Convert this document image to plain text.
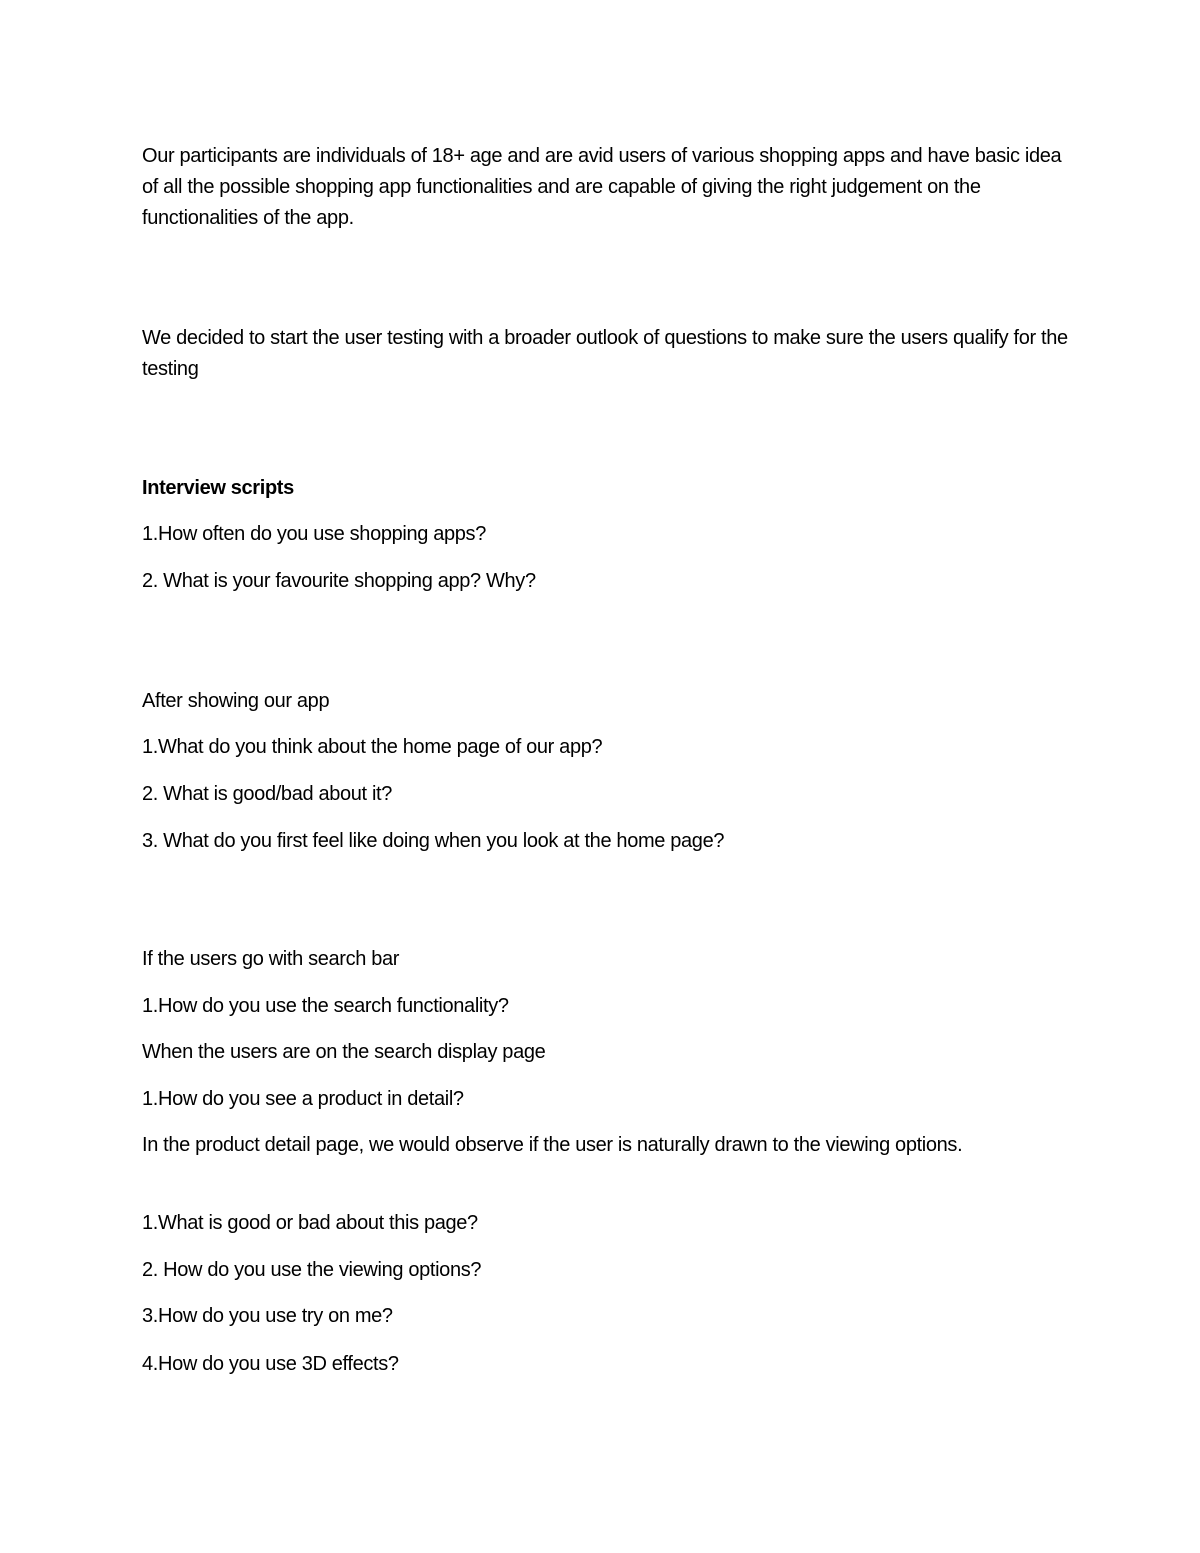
Our participants are individuals of 18+ age and are avid users of various shopping apps and have basic idea of all the possible shopping app functionalities and are capable of giving the right judgement on the functionalities of the app.
We decided to start the user testing with a broader outlook of questions to make sure the users qualify for the testing
Interview scripts
1.How often do you use shopping apps?
2. What is your favourite shopping app? Why?
After showing our app
1.What do you think about the home page of our app?
2. What is good/bad about it?
3. What do you first feel like doing when you look at the home page?
If the users go with search bar
1.How do you use the search functionality?
When the users are on the search display page
1.How do you see a product in detail?
In the product detail page, we would observe if the user is naturally drawn to the viewing options.
1.What is good or bad about this page?
2. How do you use the viewing options?
3.How do you use try on me?
4.How do you use 3D effects?
